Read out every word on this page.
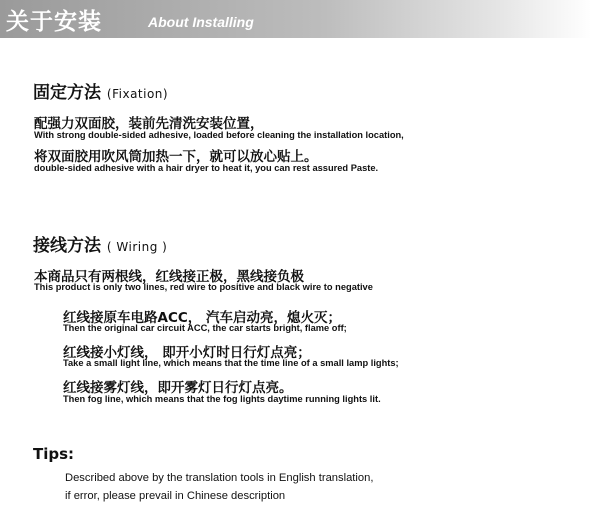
关于安装	About Installing
固定方法 (Fixation)
配强力双面胶，装前先清洗安装位置，
With strong double-sided adhesive, loaded before cleaning the installation location,
将双面胶用吹风筒加热一下，就可以放心贴上。
double-sided adhesive with a hair dryer to heat it, you can rest assured Paste.
接线方法 ( Wiring )
本商品只有两根线，红线接正极，黑线接负极
This product is only two lines, red wire to positive and black wire to negative
红线接原车电路ACC， 汽车启动亮，熄火灭；
Then the original car circuit ACC, the car starts bright, flame off;
红线接小灯线， 即开小灯时日行灯点亮；
Take a small light line, which means that the time line of a small lamp lights;
红线接雾灯线，即开雾灯日行灯点亮。
Then fog line, which means that the fog lights daytime running lights lit.
Tips:
Described above by the translation tools in English translation,
if error, please prevail in Chinese description
